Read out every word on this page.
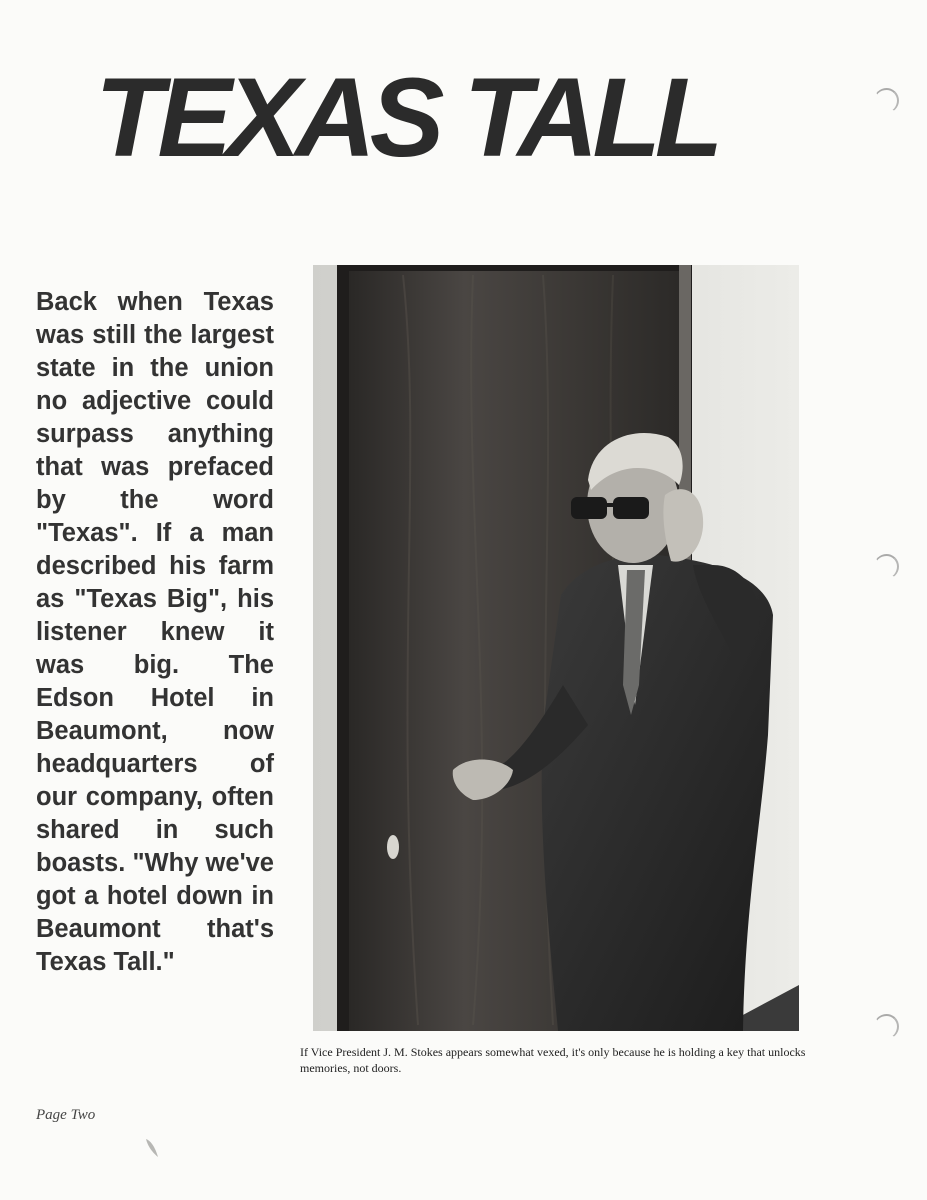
TEXAS TALL

Back when Texas was still the largest state in the union no adjective could surpass anything that was prefaced by the word "Texas". If a man described his farm as "Texas Big", his listener knew it was big. The Edson Hotel in Beaumont, now headquarters of our company, often shared in such boasts. "Why we've got a hotel down in Beaumont that's Texas Tall."

If Vice President J. M. Stokes appears somewhat vexed, it's only because he is holding a key that unlocks memories, not doors.

Page Two
